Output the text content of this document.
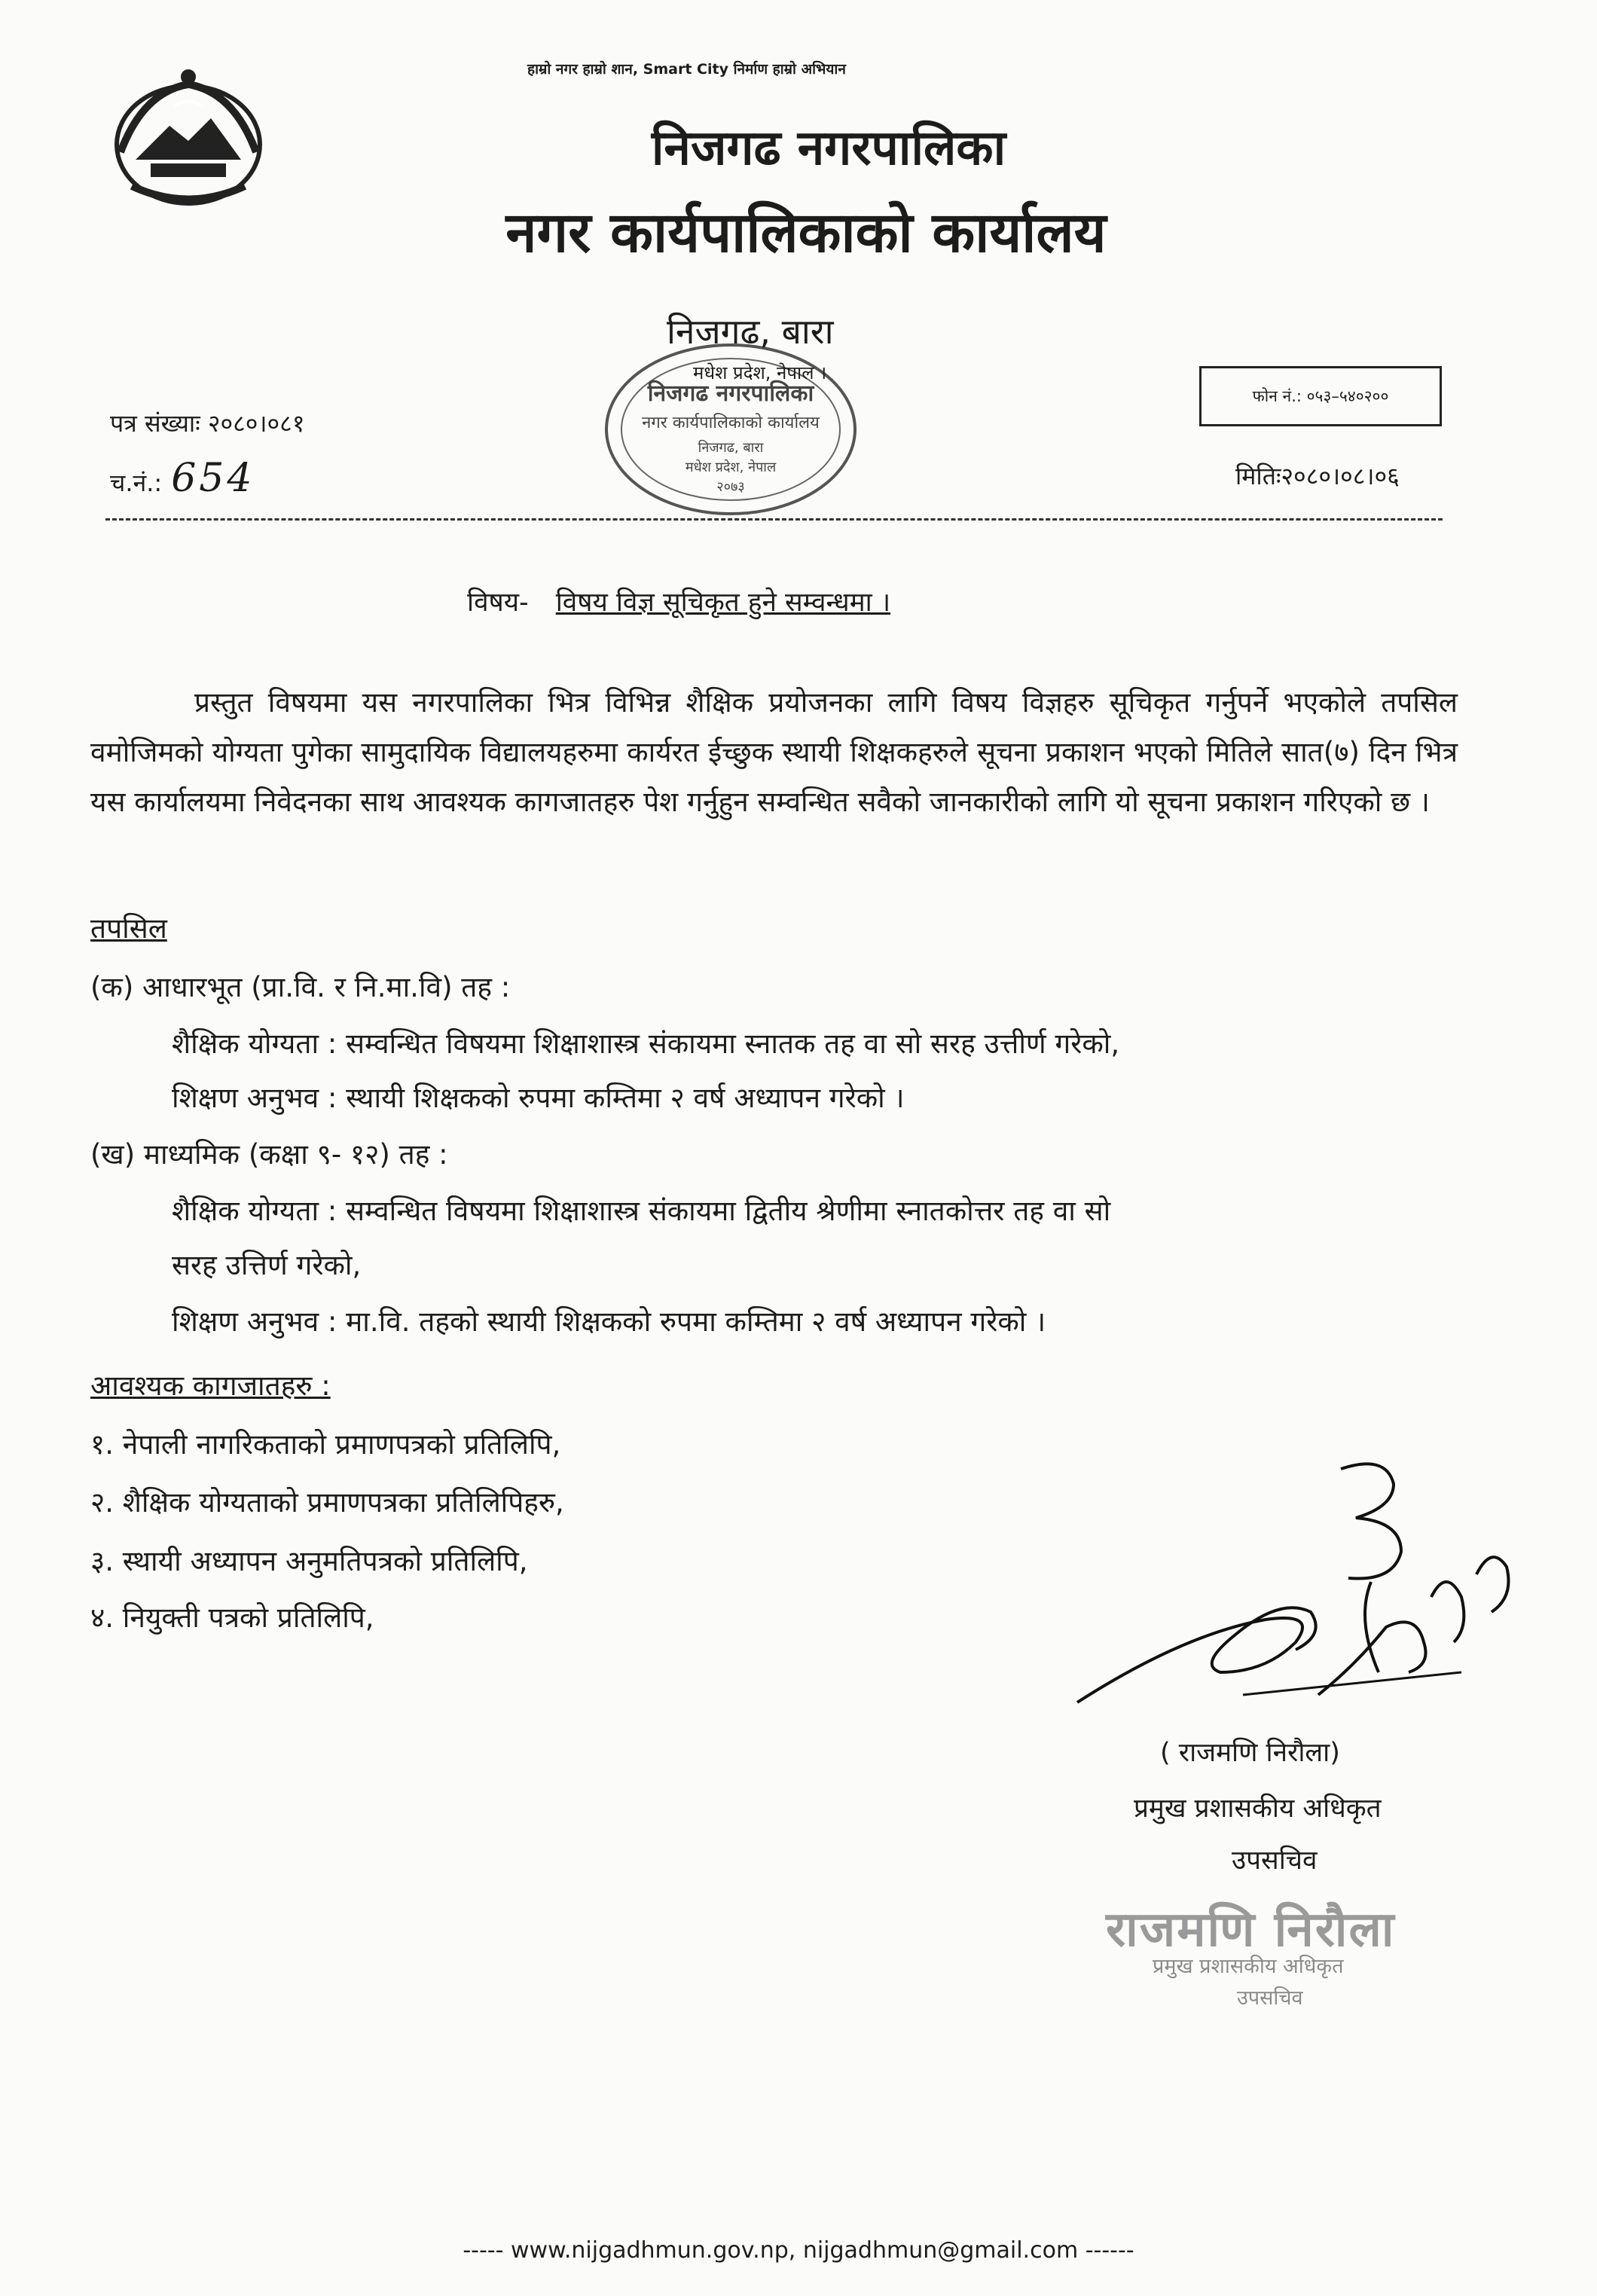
हाम्रो नगर हाम्रो शान, Smart City निर्माण हाम्रो अभियान
निजगढ नगरपालिका
नगर कार्यपालिकाको कार्यालय
निजगढ नगरपालिका
नगर कार्यपालिकाको कार्यालय
निजगढ, बारा
मधेश प्रदेश, नेपाल
२०७३
निजगढ, बारा
मधेश प्रदेश, नेपाल ।
फोन नं.: ०५३–५४०२००
पत्र संख्याः २०८०।०८१
च.नं.: 654	मितिः२०८०।०८।०६
विषय- विषय विज्ञ सूचिकृत हुने सम्वन्धमा ।

प्रस्तुत विषयमा यस नगरपालिका भित्र विभिन्न शैक्षिक प्रयोजनका लागि विषय विज्ञहरु सूचिकृत गर्नुपर्ने भएकोले तपसिल वमोजिमको योग्यता पुगेका सामुदायिक विद्यालयहरुमा कार्यरत ईच्छुक स्थायी शिक्षकहरुले सूचना प्रकाशन भएको मितिले सात(७) दिन भित्र यस कार्यालयमा निवेदनका साथ आवश्यक कागजातहरु पेश गर्नुहुन सम्वन्धित सवैको जानकारीको लागि यो सूचना प्रकाशन गरिएको छ ।

तपसिल
(क) आधारभूत (प्रा.वि. र नि.मा.वि) तह :
शैक्षिक योग्यता : सम्वन्धित विषयमा शिक्षाशास्त्र संकायमा स्नातक तह वा सो सरह उत्तीर्ण गरेको,
शिक्षण अनुभव : स्थायी शिक्षकको रुपमा कम्तिमा २ वर्ष अध्यापन गरेको ।
(ख) माध्यमिक (कक्षा ९- १२) तह :
शैक्षिक योग्यता : सम्वन्धित विषयमा शिक्षाशास्त्र संकायमा द्वितीय श्रेणीमा स्नातकोत्तर तह वा सो
सरह उत्तिर्ण गरेको,
शिक्षण अनुभव : मा.वि. तहको स्थायी शिक्षकको रुपमा कम्तिमा २ वर्ष अध्यापन गरेको ।
आवश्यक कागजातहरु :
१. नेपाली नागरिकताको प्रमाणपत्रको प्रतिलिपि,
२. शैक्षिक योग्यताको प्रमाणपत्रका प्रतिलिपिहरु,
३. स्थायी अध्यापन अनुमतिपत्रको प्रतिलिपि,
४. नियुक्ती पत्रको प्रतिलिपि,
( राजमणि निरौला)
प्रमुख प्रशासकीय अधिकृत
उपसचिव
राजमणि निरौला
प्रमुख प्रशासकीय अधिकृत
उपसचिव
----- www.nijgadhmun.gov.np, nijgadhmun@gmail.com ------
